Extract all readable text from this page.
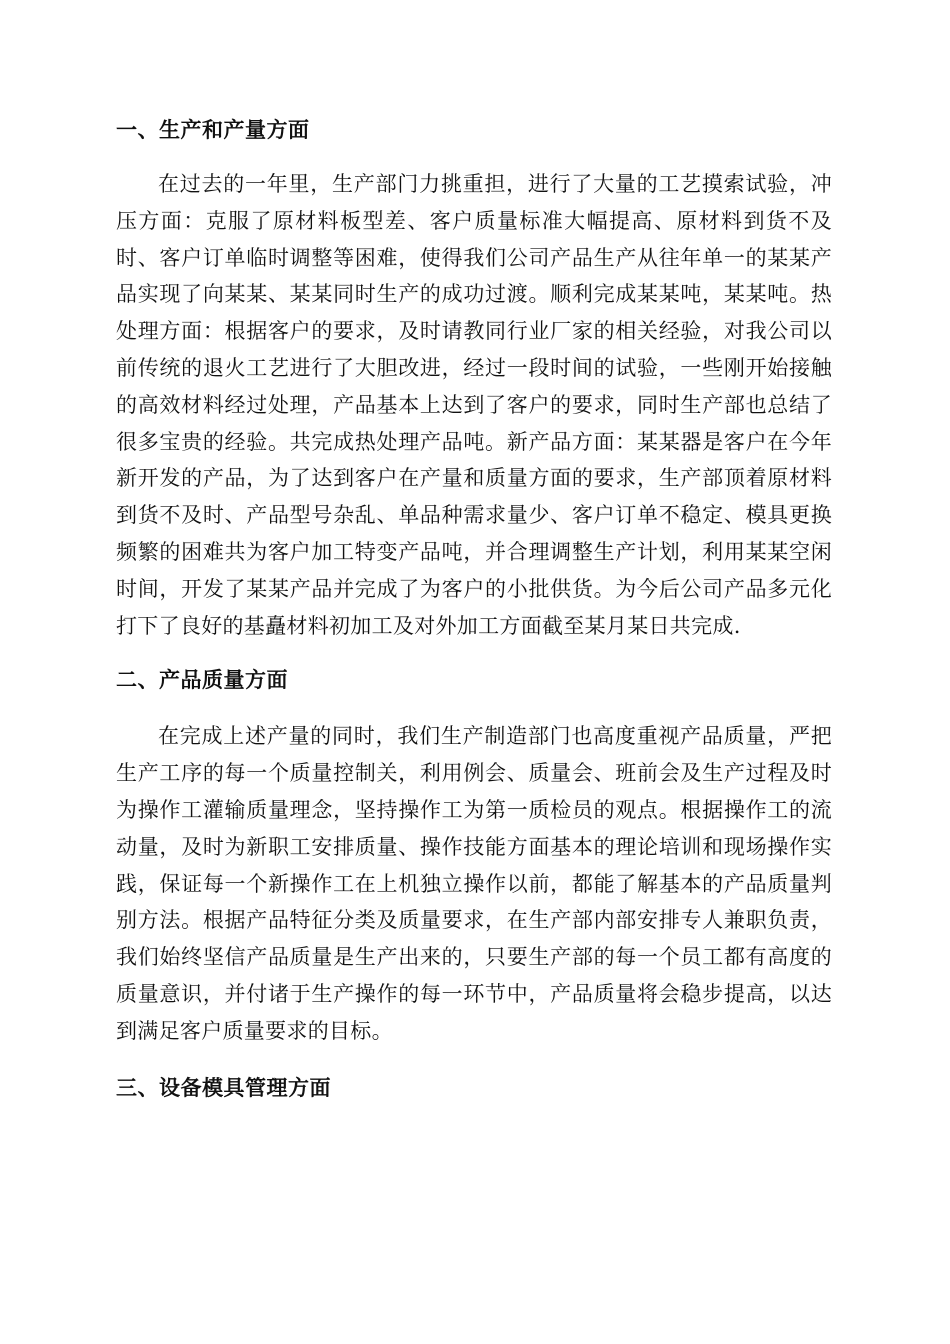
一、生产和产量方面

在过去的一年里，生产部门力挑重担，进行了大量的工艺摸索试验，冲压方面：克服了原材料板型差、客户质量标准大幅提高、原材料到货不及时、客户订单临时调整等困难，使得我们公司产品生产从往年单一的某某产品实现了向某某、某某同时生产的成功过渡。顺利完成某某吨，某某吨。热处理方面：根据客户的要求，及时请教同行业厂家的相关经验，对我公司以前传统的退火工艺进行了大胆改进，经过一段时间的试验，一些刚开始接触的高效材料经过处理，产品基本上达到了客户的要求，同时生产部也总结了很多宝贵的经验。共完成热处理产品吨。新产品方面：某某器是客户在今年新开发的产品，为了达到客户在产量和质量方面的要求，生产部顶着原材料到货不及时、产品型号杂乱、单品种需求量少、客户订单不稳定、模具更换频繁的困难共为客户加工特变产品吨，并合理调整生产计划，利用某某空闲时间，开发了某某产品并完成了为客户的小批供货。为今后公司产品多元化打下了良好的基矗材料初加工及对外加工方面截至某月某日共完成.

二、产品质量方面

在完成上述产量的同时，我们生产制造部门也高度重视产品质量，严把生产工序的每一个质量控制关，利用例会、质量会、班前会及生产过程及时为操作工灌输质量理念，坚持操作工为第一质检员的观点。根据操作工的流动量，及时为新职工安排质量、操作技能方面基本的理论培训和现场操作实践，保证每一个新操作工在上机独立操作以前，都能了解基本的产品质量判别方法。根据产品特征分类及质量要求，在生产部内部安排专人兼职负责，我们始终坚信产品质量是生产出来的，只要生产部的每一个员工都有高度的质量意识，并付诸于生产操作的每一环节中，产品质量将会稳步提高，以达到满足客户质量要求的目标。

三、设备模具管理方面
